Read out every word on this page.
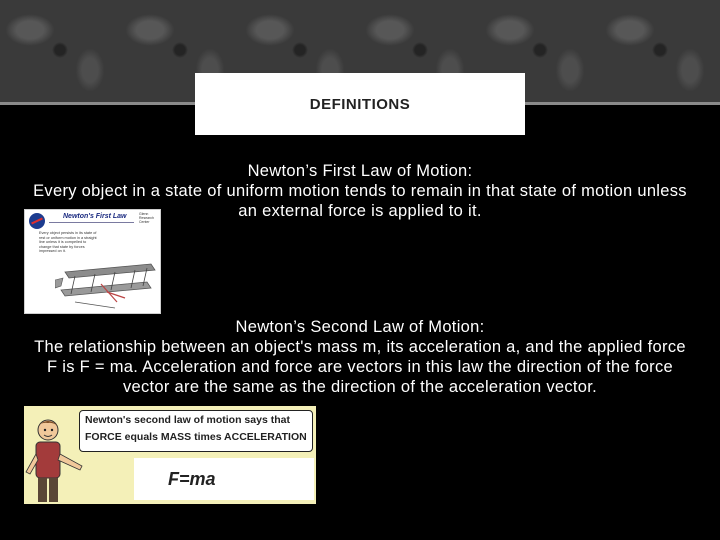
DEFINITIONS

Newton’s First Law of Motion:

Every object in a state of uniform motion tends to remain in that state of motion unless an external force is applied to it.

Newton’s Second Law of Motion:

The relationship between an object's mass m, its acceleration a, and the applied force F is F = ma. Acceleration and force are vectors in this law the direction of the force vector are the same as the direction of the acceleration vector.

Newton's First Law	Glenn Research Center
Every object persists in its state of rest or uniform motion in a straight line unless it is compelled to change that state by forces impressed on it.
Newton's second law of motion says that
FORCE equals MASS times ACCELERATION
F=ma
